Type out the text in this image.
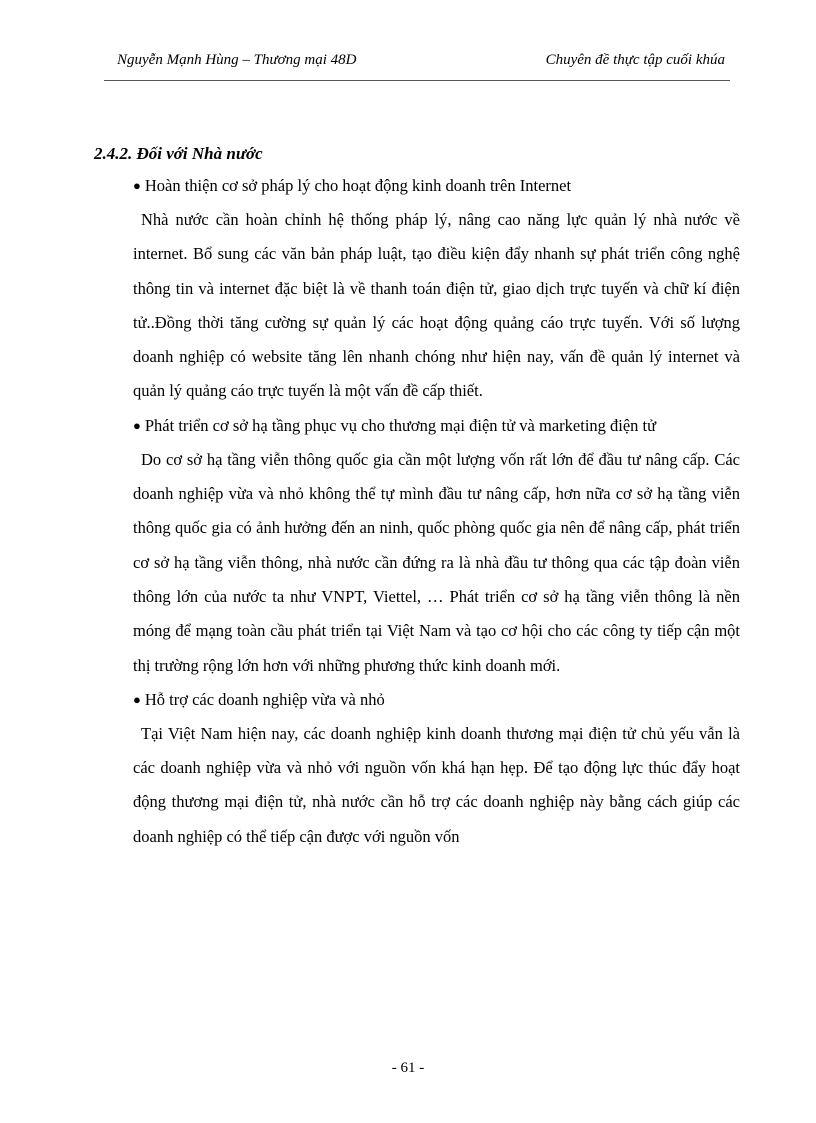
Nguyễn Mạnh Hùng – Thương mại 48D	Chuyên đề thực tập cuối khúa

2.4.2. Đối với Nhà nước

● Hoàn thiện cơ sở pháp lý cho hoạt động kinh doanh trên Internet

Nhà nước cần hoàn chỉnh hệ thống pháp lý, nâng cao năng lực quản lý nhà nước về internet. Bổ sung các văn bản pháp luật, tạo điều kiện đẩy nhanh sự phát triển công nghệ thông tin và internet đặc biệt là về thanh toán điện tử, giao dịch trực tuyến và chữ kí điện tử..Đồng thời tăng cường sự quản lý các hoạt động quảng cáo trực tuyến. Với số lượng doanh nghiệp có website tăng lên nhanh chóng như hiện nay, vấn đề quản lý internet và quản lý quảng cáo trực tuyến là một vấn đề cấp thiết.

● Phát triển cơ sở hạ tầng phục vụ cho thương mại điện tử và marketing điện tử

Do cơ sở hạ tầng viễn thông quốc gia cần một lượng vốn rất lớn để đầu tư nâng cấp. Các doanh nghiệp vừa và nhỏ không thể tự mình đầu tư nâng cấp, hơn nữa cơ sở hạ tầng viễn thông quốc gia có ảnh hưởng đến an ninh, quốc phòng quốc gia nên để nâng cấp, phát triển cơ sở hạ tầng viễn thông, nhà nước cần đứng ra là nhà đầu tư thông qua các tập đoàn viễn thông lớn của nước ta như VNPT, Viettel, … Phát triển cơ sở hạ tầng viễn thông là nền móng để mạng toàn cầu phát triển tại Việt Nam và tạo cơ hội cho các công ty tiếp cận một thị trường rộng lớn hơn với những phương thức kinh doanh mới.

● Hỗ trợ các doanh nghiệp vừa và nhỏ

Tại Việt Nam hiện nay, các doanh nghiệp kinh doanh thương mại điện tử chủ yếu vẫn là các doanh nghiệp vừa và nhỏ với nguồn vốn khá hạn hẹp. Để tạo động lực thúc đẩy hoạt động thương mại điện tử, nhà nước cần hỗ trợ các doanh nghiệp này bằng cách giúp các doanh nghiệp có thể tiếp cận được với nguồn vốn

- 61 -
